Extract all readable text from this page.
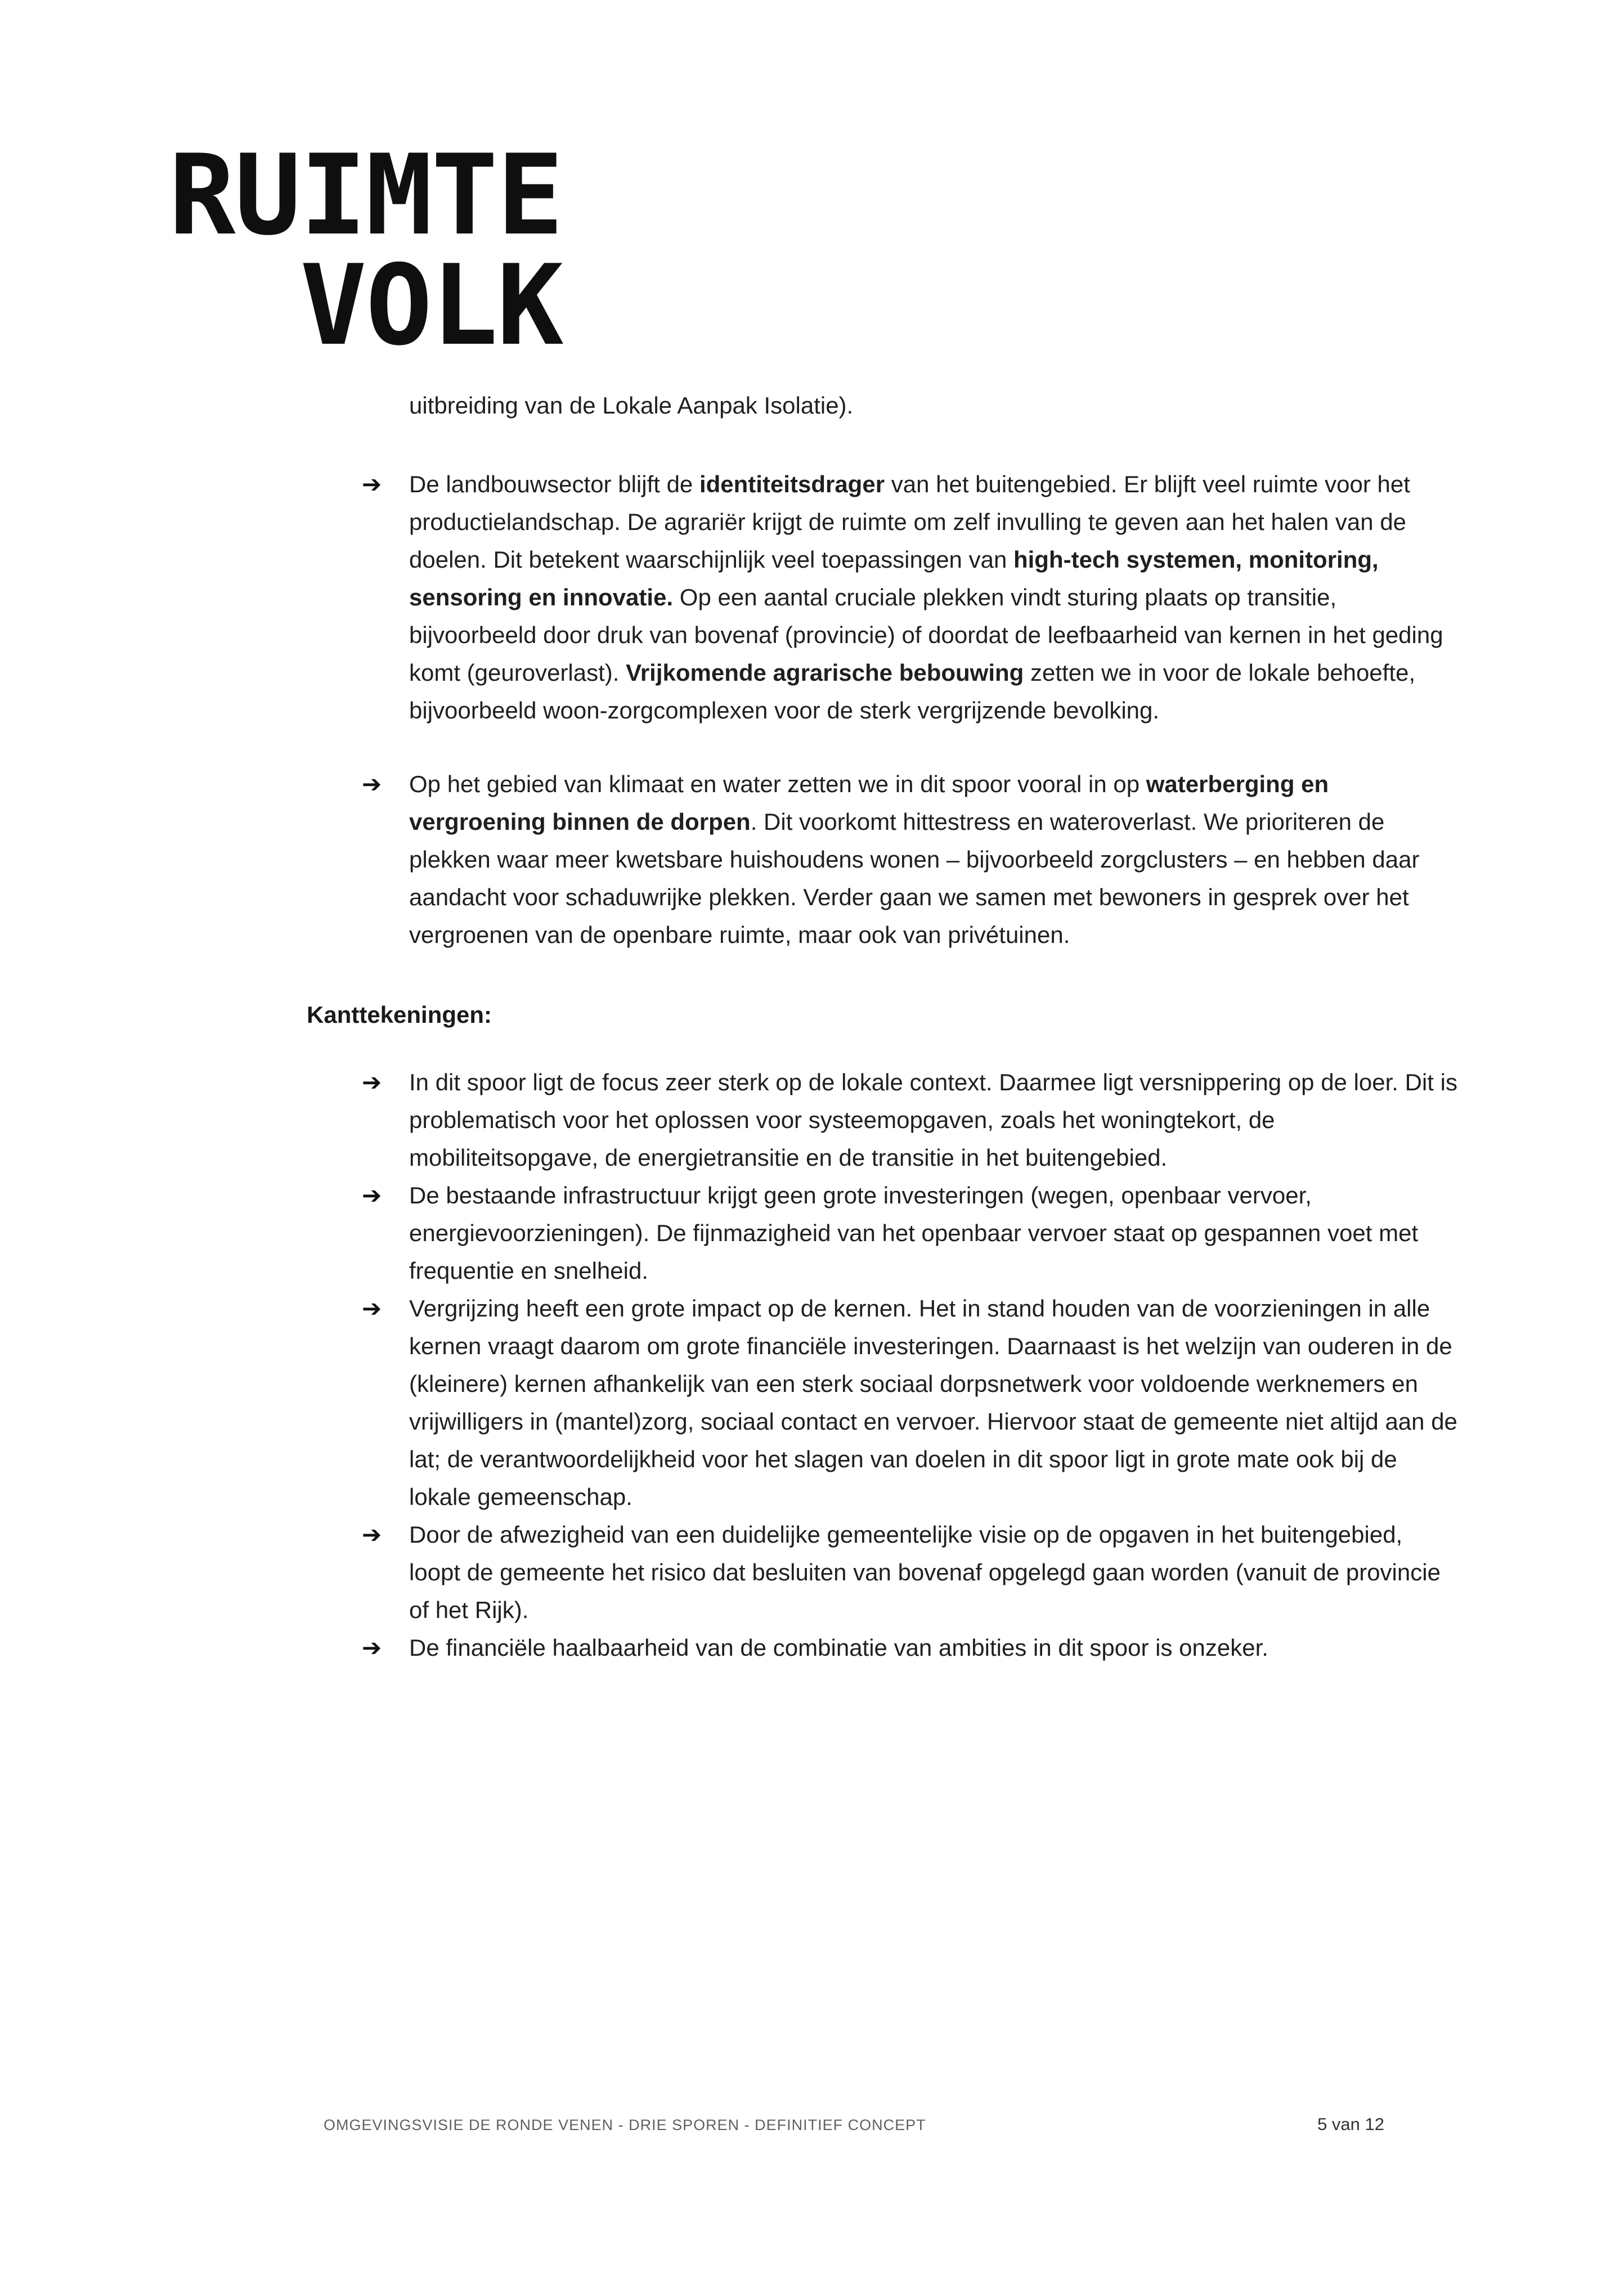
RUIMTE
VOLK

uitbreiding van de Lokale Aanpak Isolatie).

➔ De landbouwsector blijft de identiteitsdrager van het buitengebied. Er blijft veel ruimte voor het productielandschap. De agrariër krijgt de ruimte om zelf invulling te geven aan het halen van de doelen. Dit betekent waarschijnlijk veel toepassingen van high-tech systemen, monitoring, sensoring en innovatie. Op een aantal cruciale plekken vindt sturing plaats op transitie, bijvoorbeeld door druk van bovenaf (provincie) of doordat de leefbaarheid van kernen in het geding komt (geuroverlast). Vrijkomende agrarische bebouwing zetten we in voor de lokale behoefte, bijvoorbeeld woon-zorgcomplexen voor de sterk vergrijzende bevolking.
➔ Op het gebied van klimaat en water zetten we in dit spoor vooral in op waterberging en vergroening binnen de dorpen. Dit voorkomt hittestress en wateroverlast. We prioriteren de plekken waar meer kwetsbare huishoudens wonen – bijvoorbeeld zorgclusters – en hebben daar aandacht voor schaduwrijke plekken. Verder gaan we samen met bewoners in gesprek over het vergroenen van de openbare ruimte, maar ook van privétuinen.
Kanttekeningen:
➔ In dit spoor ligt de focus zeer sterk op de lokale context. Daarmee ligt versnippering op de loer. Dit is problematisch voor het oplossen voor systeemopgaven, zoals het woningtekort, de mobiliteitsopgave, de energietransitie en de transitie in het buitengebied.
➔ De bestaande infrastructuur krijgt geen grote investeringen (wegen, openbaar vervoer, energievoorzieningen). De fijnmazigheid van het openbaar vervoer staat op gespannen voet met frequentie en snelheid.
➔ Vergrijzing heeft een grote impact op de kernen. Het in stand houden van de voorzieningen in alle kernen vraagt daarom om grote financiële investeringen. Daarnaast is het welzijn van ouderen in de (kleinere) kernen afhankelijk van een sterk sociaal dorpsnetwerk voor voldoende werknemers en vrijwilligers in (mantel)zorg, sociaal contact en vervoer. Hiervoor staat de gemeente niet altijd aan de lat; de verantwoordelijkheid voor het slagen van doelen in dit spoor ligt in grote mate ook bij de lokale gemeenschap.
➔ Door de afwezigheid van een duidelijke gemeentelijke visie op de opgaven in het buitengebied, loopt de gemeente het risico dat besluiten van bovenaf opgelegd gaan worden (vanuit de provincie of het Rijk).
➔ De financiële haalbaarheid van de combinatie van ambities in dit spoor is onzeker.
OMGEVINGSVISIE DE RONDE VENEN - DRIE SPOREN - DEFINITIEF CONCEPT	5 van 12
